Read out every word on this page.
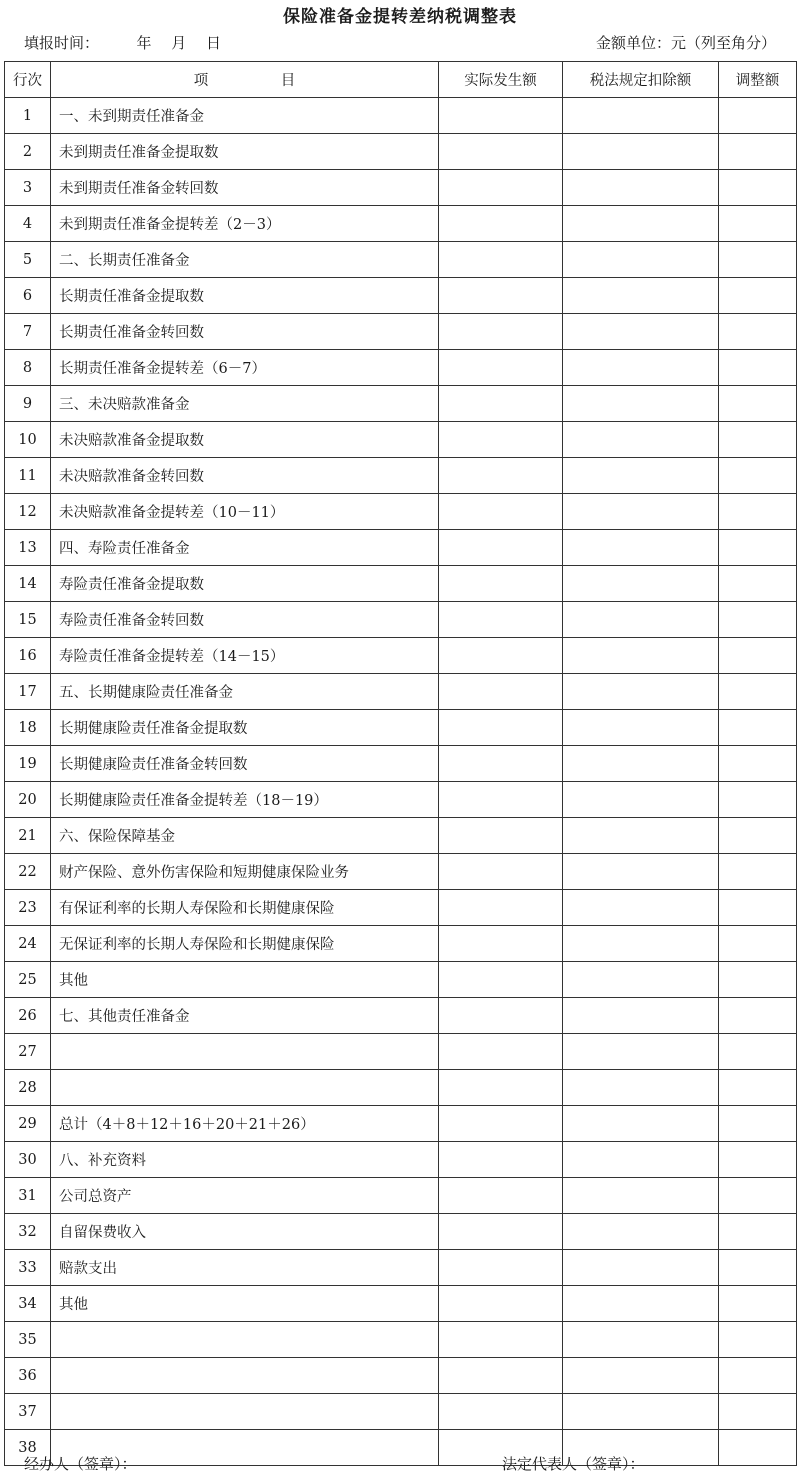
保险准备金提转差纳税调整表
填报时间：　　　年　 月　 日	金额单位：元（列至角分）
行次	项　　　　　目	实际发生额	税法规定扣除额	调整额
1	一、未到期责任准备金			
2	未到期责任准备金提取数			
3	未到期责任准备金转回数			
4	未到期责任准备金提转差（2－3）			
5	二、长期责任准备金			
6	长期责任准备金提取数			
7	长期责任准备金转回数			
8	长期责任准备金提转差（6－7）			
9	三、未决赔款准备金			
10	未决赔款准备金提取数			
11	未决赔款准备金转回数			
12	未决赔款准备金提转差（10－11）			
13	四、寿险责任准备金			
14	寿险责任准备金提取数			
15	寿险责任准备金转回数			
16	寿险责任准备金提转差（14－15）			
17	五、长期健康险责任准备金			
18	长期健康险责任准备金提取数			
19	长期健康险责任准备金转回数			
20	长期健康险责任准备金提转差（18－19）			
21	六、保险保障基金			
22	财产保险、意外伤害保险和短期健康保险业务			
23	有保证利率的长期人寿保险和长期健康保险			
24	无保证利率的长期人寿保险和长期健康保险			
25	其他			
26	七、其他责任准备金			
27				
28				
29	总计（4＋8＋12＋16＋20＋21＋26）			
30	八、补充资料			
31	公司总资产			
32	自留保费收入			
33	赔款支出			
34	其他			
35				
36				
37				
38				
经办人（签章）：	法定代表人（签章）：
